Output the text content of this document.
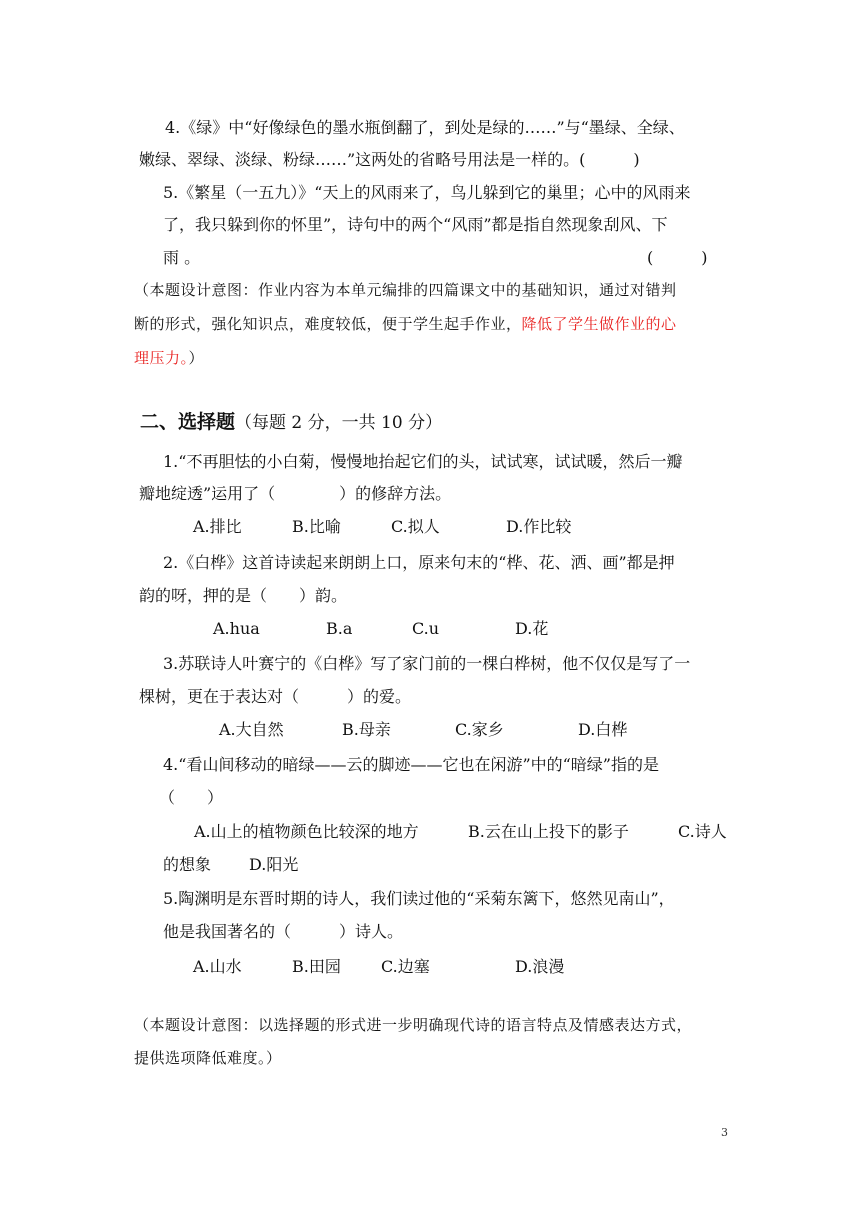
4.《绿》中“好像绿色的墨水瓶倒翻了，到处是绿的……”与“墨绿、全绿、
嫩绿、翠绿、淡绿、粉绿……”这两处的省略号用法是一样的。(　　　)
5.《繁星（一五九）》“天上的风雨来了，鸟儿躲到它的巢里；心中的风雨来
了，我只躲到你的怀里”，诗句中的两个“风雨”都是指自然现象刮风、下
雨 。	(　　　)
（本题设计意图：作业内容为本单元编排的四篇课文中的基础知识，通过对错判
断的形式，强化知识点，难度较低，便于学生起手作业，降低了学生做作业的心
理压力。）
二、选择题（每题 2 分，一共 10 分）
1.“不再胆怯的小白菊，慢慢地抬起它们的头，试试寒，试试暖，然后一瓣
瓣地绽透”运用了（　　　　）的修辞方法。
A.排比	B.比喻	C.拟人	D.作比较
2.《白桦》这首诗读起来朗朗上口，原来句末的“桦、花、洒、画”都是押
韵的呀，押的是（　　）韵。
A.hua	B.a	C.u	D.花
3.苏联诗人叶赛宁的《白桦》写了家门前的一棵白桦树，他不仅仅是写了一
棵树，更在于表达对（　　　）的爱。
A.大自然	B.母亲	C.家乡	D.白桦
4.“看山间移动的暗绿——云的脚迹——它也在闲游”中的“暗绿”指的是
（　　）
A.山上的植物颜色比较深的地方	B.云在山上投下的影子	C.诗人
的想象 D.阳光
5.陶渊明是东晋时期的诗人，我们读过他的“采菊东篱下，悠然见南山”，
他是我国著名的（　　　）诗人。
A.山水	B.田园	C.边塞	D.浪漫
（本题设计意图：以选择题的形式进一步明确现代诗的语言特点及情感表达方式，
提供选项降低难度。）
3
